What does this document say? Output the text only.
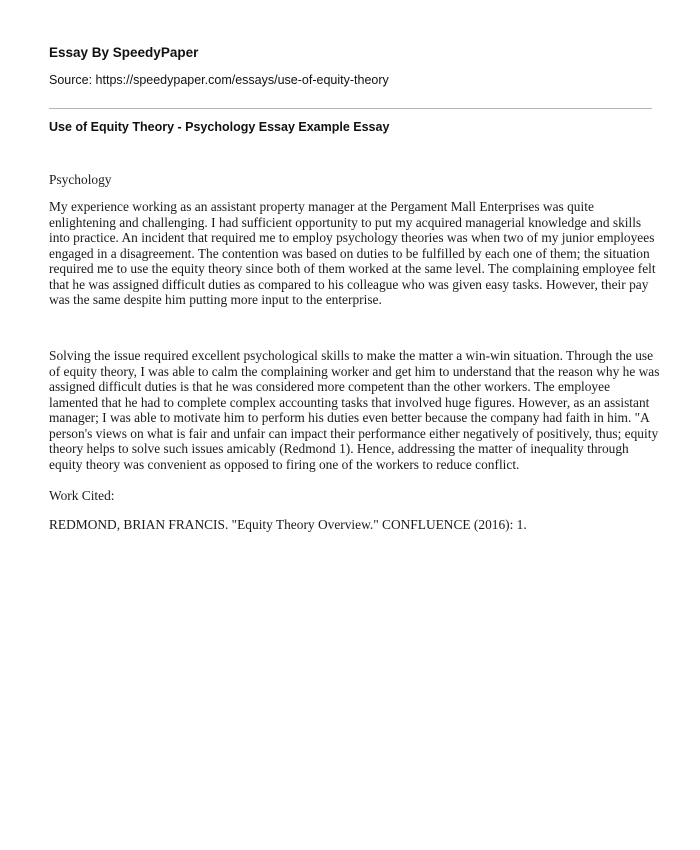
Essay By SpeedyPaper

Source: https://speedypaper.com/essays/use-of-equity-theory

Use of Equity Theory - Psychology Essay Example Essay

Psychology

My experience working as an assistant property manager at the Pergament Mall Enterprises was quite enlightening and challenging. I had sufficient opportunity to put my acquired managerial knowledge and skills into practice. An incident that required me to employ psychology theories was when two of my junior employees engaged in a disagreement. The contention was based on duties to be fulfilled by each one of them; the situation required me to use the equity theory since both of them worked at the same level. The complaining employee felt that he was assigned difficult duties as compared to his colleague who was given easy tasks. However, their pay was the same despite him putting more input to the enterprise.

Solving the issue required excellent psychological skills to make the matter a win-win situation. Through the use of equity theory, I was able to calm the complaining worker and get him to understand that the reason why he was assigned difficult duties is that he was considered more competent than the other workers. The employee lamented that he had to complete complex accounting tasks that involved huge figures. However, as an assistant manager; I was able to motivate him to perform his duties even better because the company had faith in him. "A person's views on what is fair and unfair can impact their performance either negatively of positively, thus; equity theory helps to solve such issues amicably (Redmond 1). Hence, addressing the matter of inequality through equity theory was convenient as opposed to firing one of the workers to reduce conflict.

Work Cited:

REDMOND, BRIAN FRANCIS. "Equity Theory Overview." CONFLUENCE (2016): 1.
